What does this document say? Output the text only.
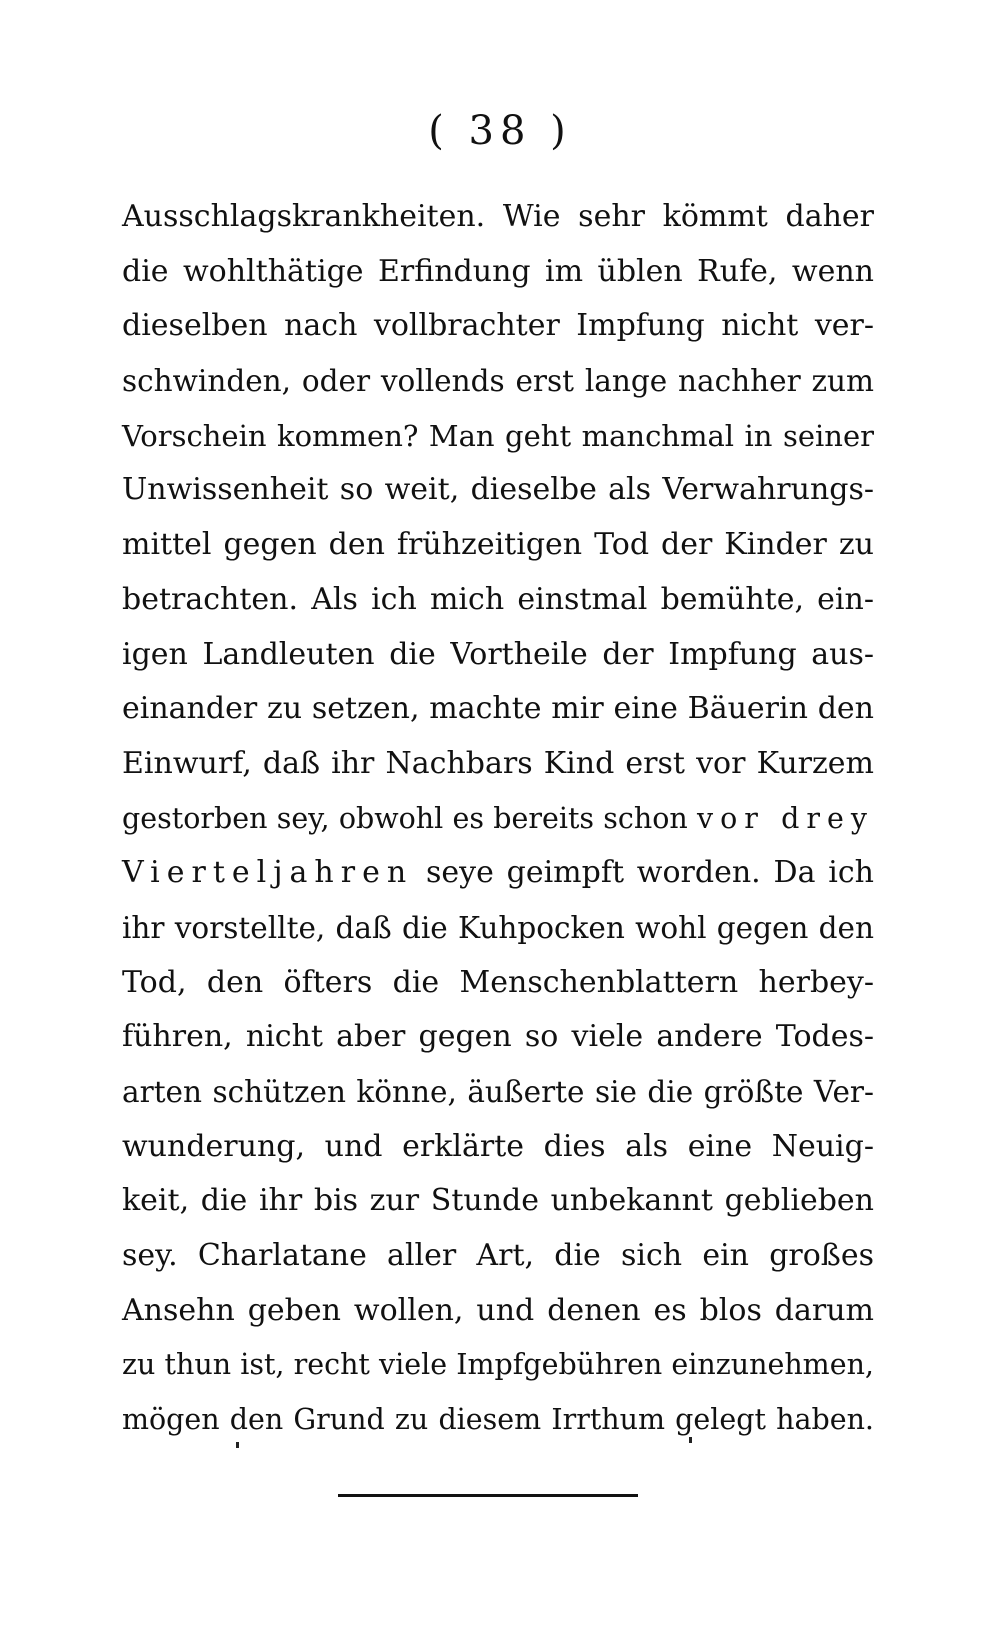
( 38 )
Ausschlagskrankheiten. Wie sehr kömmt daher
die wohlthätige Erfindung im üblen Rufe, wenn
dieselben nach vollbrachter Impfung nicht ver-
schwinden, oder vollends erst lange nachher zum
Vorschein kommen? Man geht manchmal in seiner
Unwissenheit so weit, dieselbe als Verwahrungs-
mittel gegen den frühzeitigen Tod der Kinder zu
betrachten. Als ich mich einstmal bemühte, ein-
igen Landleuten die Vortheile der Impfung aus-
einander zu setzen, machte mir eine Bäuerin den
Einwurf, daß ihr Nachbars Kind erst vor Kurzem
gestorben sey, obwohl es bereits schon vor drey
Vierteljahren seye geimpft worden. Da ich
ihr vorstellte, daß die Kuhpocken wohl gegen den
Tod, den öfters die Menschenblattern herbey-
führen, nicht aber gegen so viele andere Todes-
arten schützen könne, äußerte sie die größte Ver-
wunderung, und erklärte dies als eine Neuig-
keit, die ihr bis zur Stunde unbekannt geblieben
sey. Charlatane aller Art, die sich ein großes
Ansehn geben wollen, und denen es blos darum
zu thun ist, recht viele Impfgebühren einzunehmen,
mögen den Grund zu diesem Irrthum gelegt haben.
